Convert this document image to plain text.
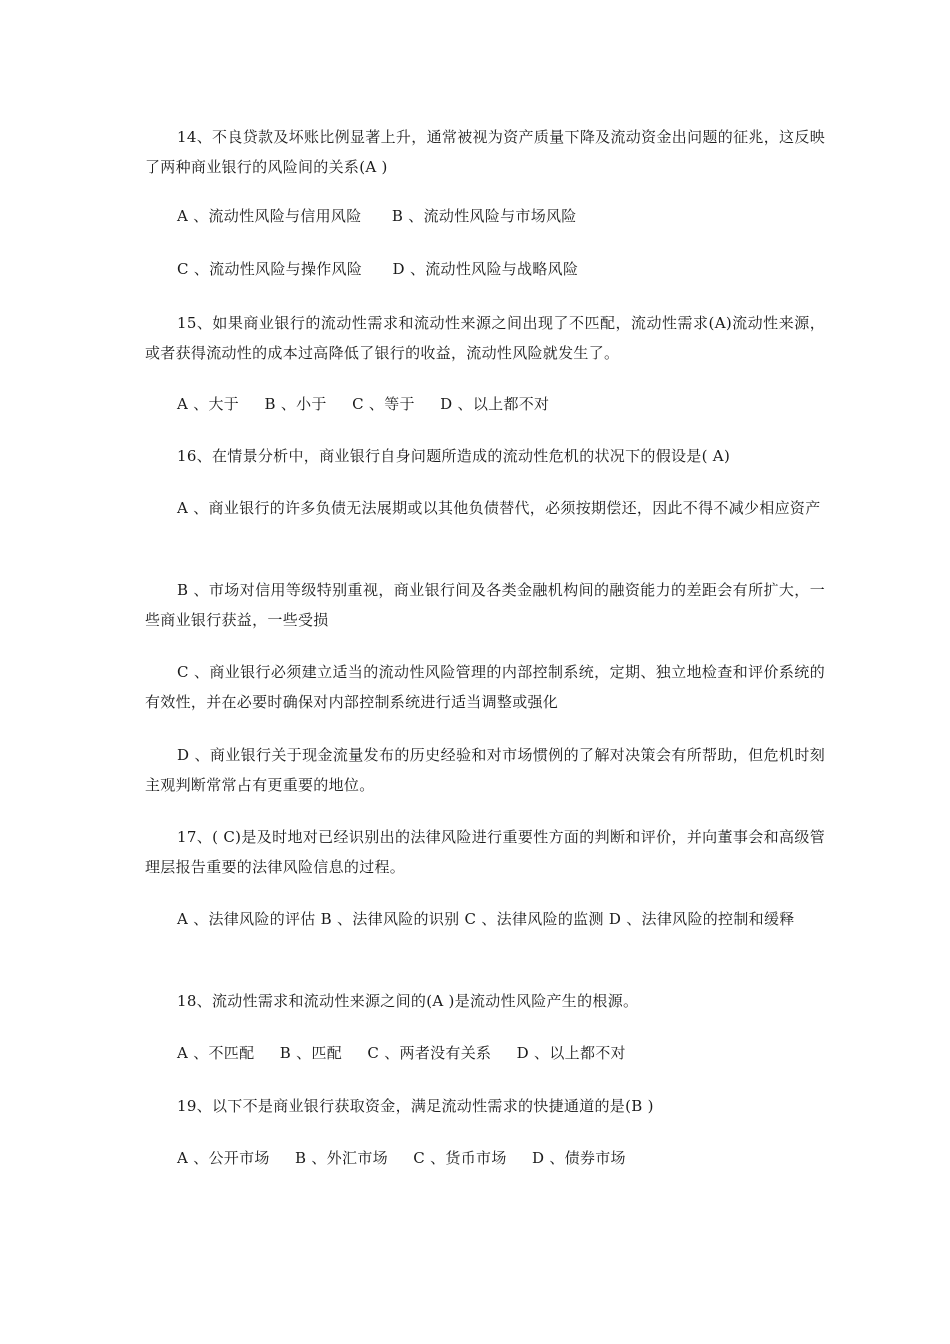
14、不良贷款及坏账比例显著上升，通常被视为资产质量下降及流动资金出问题的征兆，这反映了两种商业银行的风险间的关系(A )
A 、流动性风险与信用风险      B 、流动性风险与市场风险
C 、流动性风险与操作风险      D 、流动性风险与战略风险
15、如果商业银行的流动性需求和流动性来源之间出现了不匹配，流动性需求(A)流动性来源，或者获得流动性的成本过高降低了银行的收益，流动性风险就发生了。
A 、大于     B 、小于     C 、等于     D 、以上都不对
16、在情景分析中，商业银行自身问题所造成的流动性危机的状况下的假设是( A)
A 、商业银行的许多负债无法展期或以其他负债替代，必须按期偿还，因此不得不减少相应资产
B 、市场对信用等级特别重视，商业银行间及各类金融机构间的融资能力的差距会有所扩大，一些商业银行获益，一些受损
C 、商业银行必须建立适当的流动性风险管理的内部控制系统，定期、独立地检查和评价系统的有效性，并在必要时确保对内部控制系统进行适当调整或强化
D 、商业银行关于现金流量发布的历史经验和对市场惯例的了解对决策会有所帮助，但危机时刻主观判断常常占有更重要的地位。
17、( C)是及时地对已经识别出的法律风险进行重要性方面的判断和评价，并向董事会和高级管理层报告重要的法律风险信息的过程。
A 、法律风险的评估 B 、法律风险的识别 C 、法律风险的监测 D 、法律风险的控制和缓释
18、流动性需求和流动性来源之间的(A )是流动性风险产生的根源。
A 、不匹配     B 、匹配     C 、两者没有关系     D 、以上都不对
19、以下不是商业银行获取资金，满足流动性需求的快捷通道的是(B )
A 、公开市场     B 、外汇市场     C 、货币市场     D 、债券市场
